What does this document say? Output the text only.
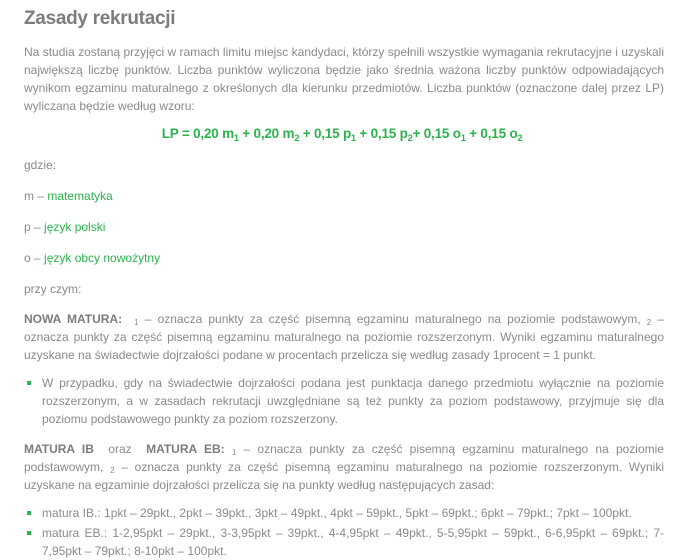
Zasady rekrutacji

Na studia zostaną przyjęci w ramach limitu miejsc kandydaci, którzy spełnili wszystkie wymagania rekrutacyjne i uzyskali największą liczbę punktów. Liczba punktów wyliczona będzie jako średnia ważona liczby punktów odpowiadających wynikom egzaminu maturalnego z określonych dla kierunku przedmiotów. Liczba punktów (oznaczone dalej przez LP) wyliczana będzie według wzoru:

LP = 0,20 $m_1 + 0,20$ $m_2 + 0,15$ $p_1 + 0,15$ $p_2+ 0,15$ $o_1 + 0,15$ $o_2$

gdzie:

m – matematyka

p – język polski

o – język obcy nowożytny

przy czym:

NOWA MATURA: $_1$ – oznacza punkty za część pisemną egzaminu maturalnego na poziomie podstawowym, $_2$ – oznacza punkty za część pisemną egzaminu maturalnego na poziomie rozszerzonym. Wyniki egzaminu maturalnego uzyskane na świadectwie dojrzałości podane w procentach przelicza się według zasady 1procent = 1 punkt.

W przypadku, gdy na świadectwie dojrzałości podana jest punktacja danego przedmiotu wyłącznie na poziomie rozszerzonym, a w zasadach rekrutacji uwzględniane są też punkty za poziom podstawowy, przyjmuje się dla poziomu podstawowego punkty za poziom rozszerzony.

MATURA IB  oraz  MATURA EB: $_1$ – oznacza punkty za część pisemną egzaminu maturalnego na poziomie podstawowym, $_2$ – oznacza punkty za część pisemną egzaminu maturalnego na poziomie rozszerzonym. Wyniki uzyskane na egzaminie dojrzałości przelicza się na punkty według następujących zasad:

matura IB.: 1pkt – 29pkt., 2pkt – 39pkt., 3pkt – 49pkt., 4pkt – 59pkt., 5pkt – 69pkt.; 6pkt – 79pkt.; 7pkt – 100pkt.
matura EB.: 1-2,95pkt – 29pkt., 3-3,95pkt – 39pkt., 4-4,95pkt – 49pkt., 5-5,95pkt – 59pkt., 6-6,95pkt – 69pkt.; 7-7,95pkt – 79pkt.; 8-10pkt – 100pkt.
